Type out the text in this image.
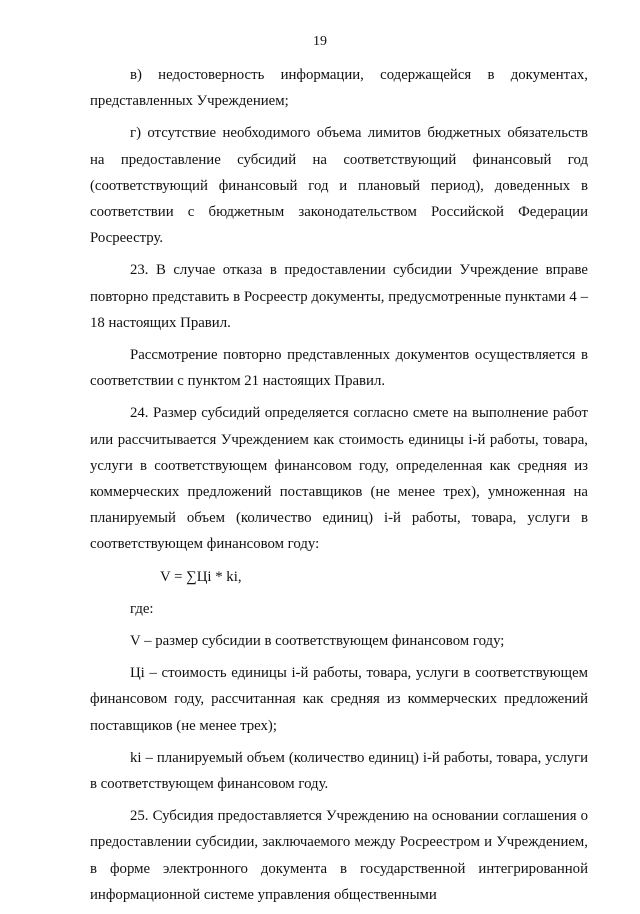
19

в) недостоверность информации, содержащейся в документах, представленных Учреждением;

г) отсутствие необходимого объема лимитов бюджетных обязательств на предоставление субсидий на соответствующий финансовый год (соответствующий финансовый год и плановый период), доведенных в соответствии с бюджетным законодательством Российской Федерации Росреестру.

23. В случае отказа в предоставлении субсидии Учреждение вправе повторно представить в Росреестр документы, предусмотренные пунктами 4 – 18 настоящих Правил.

Рассмотрение повторно представленных документов осуществляется в соответствии с пунктом 21 настоящих Правил.

24. Размер субсидий определяется согласно смете на выполнение работ или рассчитывается Учреждением как стоимость единицы i-й работы, товара, услуги в соответствующем финансовом году, определенная как средняя из коммерческих предложений поставщиков (не менее трех), умноженная на планируемый объем (количество единиц) i-й работы, товара, услуги в соответствующем финансовом году:

V = ∑Цi * ki,

где:

V – размер субсидии в соответствующем финансовом году;

Цi – стоимость единицы i-й работы, товара, услуги в соответствующем финансовом году, рассчитанная как средняя из коммерческих предложений поставщиков (не менее трех);

ki – планируемый объем (количество единиц) i-й работы, товара, услуги в соответствующем финансовом году.

25. Субсидия предоставляется Учреждению на основании соглашения о предоставлении субсидии, заключаемого между Росреестром и Учреждением, в форме электронного документа в государственной интегрированной информационной системе управления общественными
